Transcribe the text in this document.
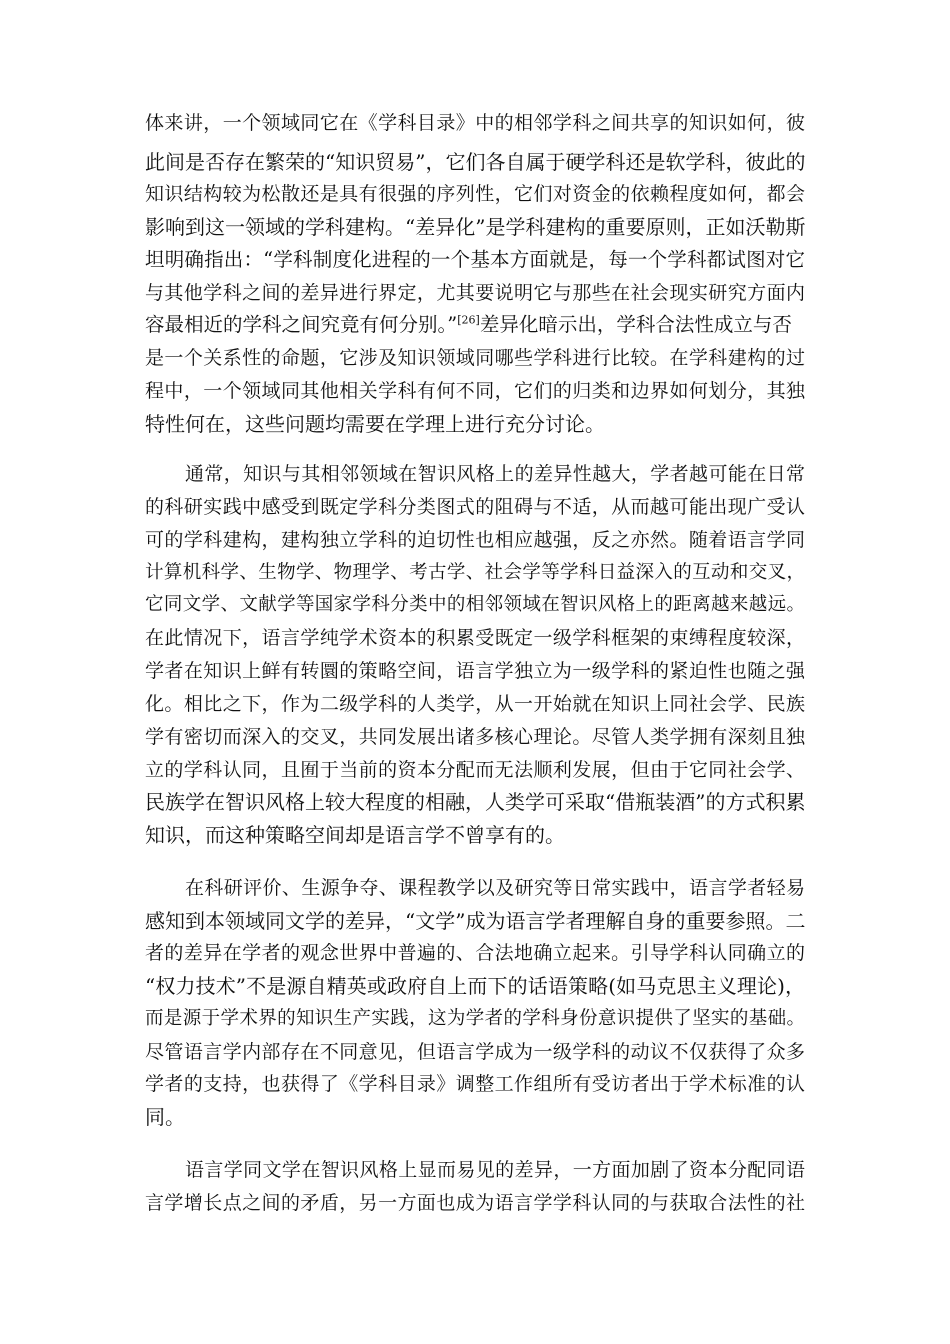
体来讲，一个领域同它在《学科目录》中的相邻学科之间共享的知识如何，彼
此间是否存在繁荣的“知识贸易”，它们各自属于硬学科还是软学科，彼此的
知识结构较为松散还是具有很强的序列性，它们对资金的依赖程度如何，都会
影响到这一领域的学科建构。“差异化”是学科建构的重要原则，正如沃勒斯
坦明确指出：“学科制度化进程的一个基本方面就是，每一个学科都试图对它
与其他学科之间的差异进行界定，尤其要说明它与那些在社会现实研究方面内
容最相近的学科之间究竟有何分别。”[26]差异化暗示出，学科合法性成立与否
是一个关系性的命题，它涉及知识领域同哪些学科进行比较。在学科建构的过
程中，一个领域同其他相关学科有何不同，它们的归类和边界如何划分，其独
特性何在，这些问题均需要在学理上进行充分讨论。
通常，知识与其相邻领域在智识风格上的差异性越大，学者越可能在日常
的科研实践中感受到既定学科分类图式的阻碍与不适，从而越可能出现广受认
可的学科建构，建构独立学科的迫切性也相应越强，反之亦然。随着语言学同
计算机科学、生物学、物理学、考古学、社会学等学科日益深入的互动和交叉，
它同文学、文献学等国家学科分类中的相邻领域在智识风格上的距离越来越远。
在此情况下，语言学纯学术资本的积累受既定一级学科框架的束缚程度较深，
学者在知识上鲜有转圜的策略空间，语言学独立为一级学科的紧迫性也随之强
化。相比之下，作为二级学科的人类学，从一开始就在知识上同社会学、民族
学有密切而深入的交叉，共同发展出诸多核心理论。尽管人类学拥有深刻且独
立的学科认同，且囿于当前的资本分配而无法顺利发展，但由于它同社会学、
民族学在智识风格上较大程度的相融，人类学可采取“借瓶装酒”的方式积累
知识，而这种策略空间却是语言学不曾享有的。
在科研评价、生源争夺、课程教学以及研究等日常实践中，语言学者轻易
感知到本领域同文学的差异，“文学”成为语言学者理解自身的重要参照。二
者的差异在学者的观念世界中普遍的、合法地确立起来。引导学科认同确立的
“权力技术”不是源自精英或政府自上而下的话语策略(如马克思主义理论)，
而是源于学术界的知识生产实践，这为学者的学科身份意识提供了坚实的基础。
尽管语言学内部存在不同意见，但语言学成为一级学科的动议不仅获得了众多
学者的支持，也获得了《学科目录》调整工作组所有受访者出于学术标准的认
同。
语言学同文学在智识风格上显而易见的差异，一方面加剧了资本分配同语
言学增长点之间的矛盾，另一方面也成为语言学学科认同的与获取合法性的社
